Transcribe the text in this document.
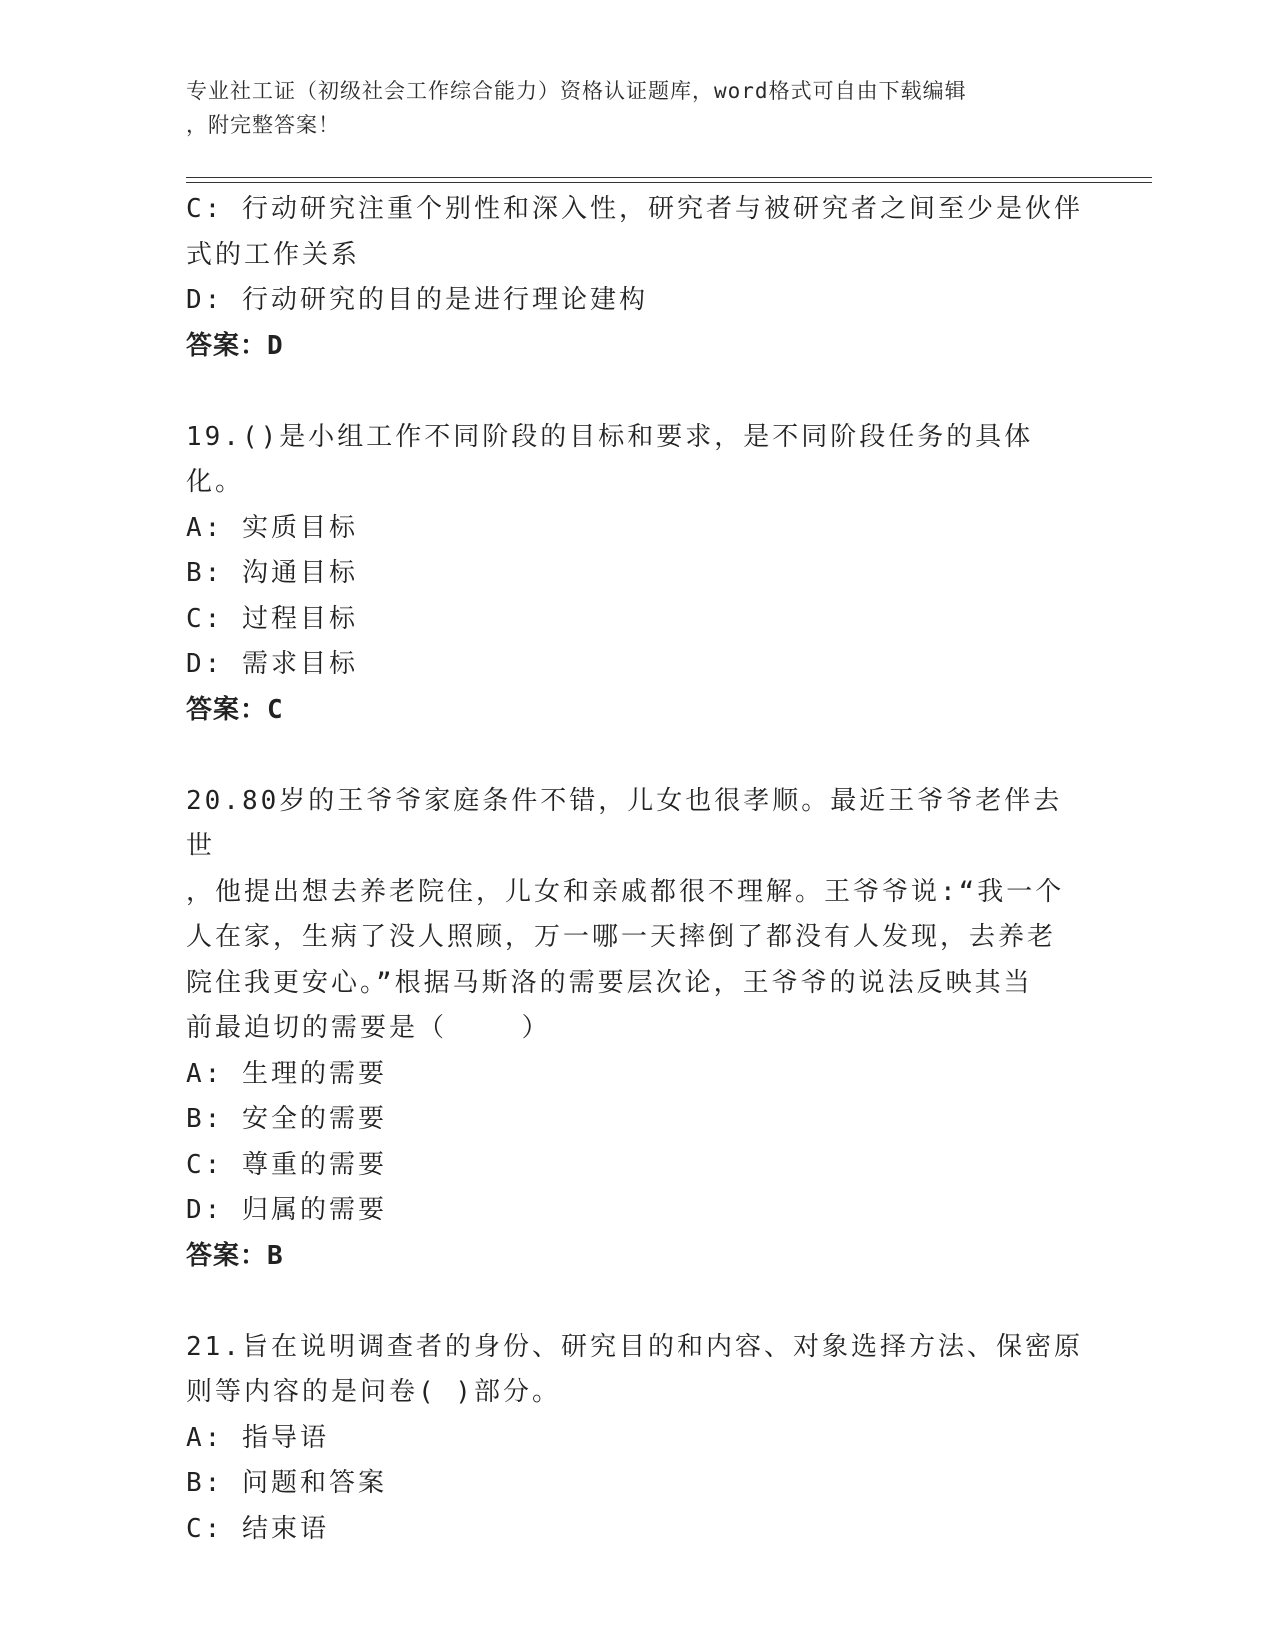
专业社工证（初级社会工作综合能力）资格认证题库，word格式可自由下载编辑
，附完整答案！
C: 行动研究注重个别性和深入性，研究者与被研究者之间至少是伙伴
式的工作关系
D: 行动研究的目的是进行理论建构
答案：D
19.()是小组工作不同阶段的目标和要求，是不同阶段任务的具体化。
A: 实质目标
B: 沟通目标
C: 过程目标
D: 需求目标
答案：C
20.80岁的王爷爷家庭条件不错，儿女也很孝顺。最近王爷爷老伴去世
，他提出想去养老院住，儿女和亲戚都很不理解。王爷爷说:“我一个
人在家，生病了没人照顾，万一哪一天摔倒了都没有人发现，去养老
院住我更安心。”根据马斯洛的需要层次论，王爷爷的说法反映其当
前最迫切的需要是（    ）
A: 生理的需要
B: 安全的需要
C: 尊重的需要
D: 归属的需要
答案：B
21.旨在说明调查者的身份、研究目的和内容、对象选择方法、保密原
则等内容的是问卷( )部分。
A: 指导语
B: 问题和答案
C: 结束语
